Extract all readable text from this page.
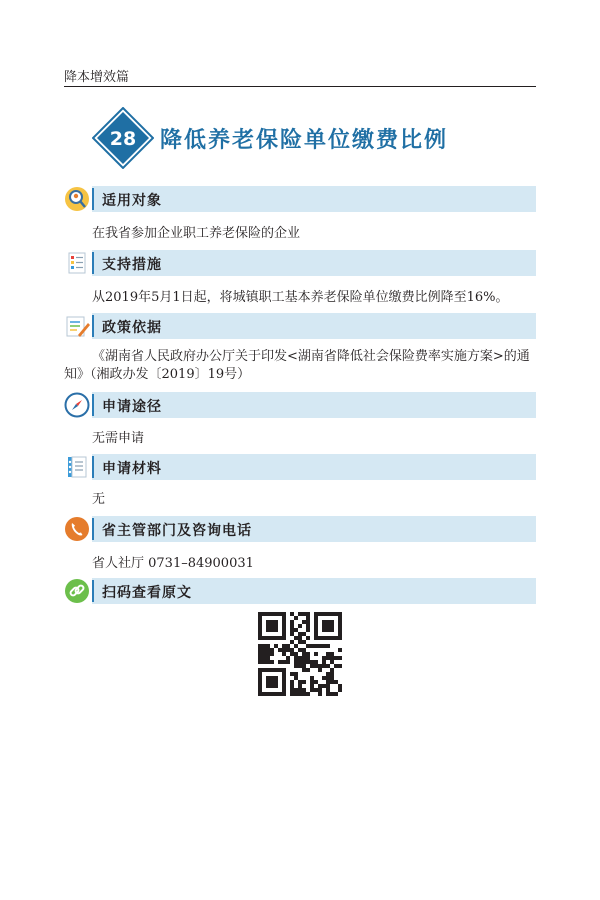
降本增效篇
28 降低养老保险单位缴费比例
适用对象
在我省参加企业职工养老保险的企业
支持措施
从2019年5月1日起，将城镇职工基本养老保险单位缴费比例降至16%。
政策依据
《湖南省人民政府办公厅关于印发<湖南省降低社会保险费率实施方案>的通知》（湘政办发〔2019〕19号）
申请途径
无需申请
申请材料
无
省主管部门及咨询电话
省人社厅 0731–84900031
扫码查看原文
